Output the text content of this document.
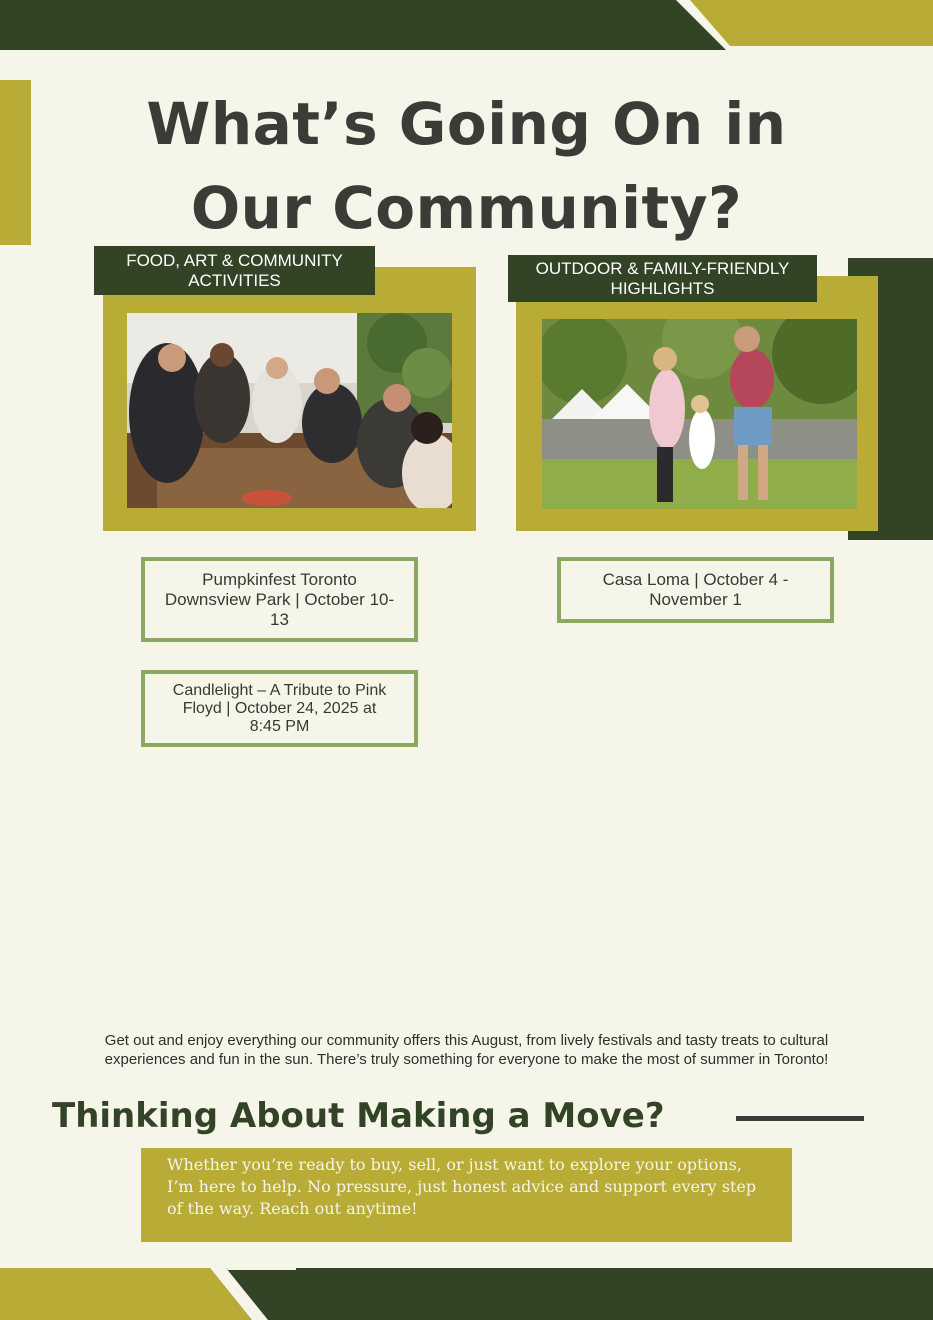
What’s Going On in
Our Community?
FOOD, ART & COMMUNITY
ACTIVITIES
OUTDOOR & FAMILY-FRIENDLY
HIGHLIGHTS
Pumpkinfest Toronto
Downsview Park | October 10-
13
Candlelight – A Tribute to Pink
Floyd | October 24, 2025 at
8:45 PM
Casa Loma | October 4 -
November 1

Get out and enjoy everything our community offers this August, from lively festivals and tasty treats to cultural experiences and fun in the sun. There’s truly something for everyone to make the most of summer in Toronto!

Thinking About Making a Move?

Whether you’re ready to buy, sell, or just want to explore your options, I’m here to help. No pressure, just honest advice and support every step of the way. Reach out anytime!
